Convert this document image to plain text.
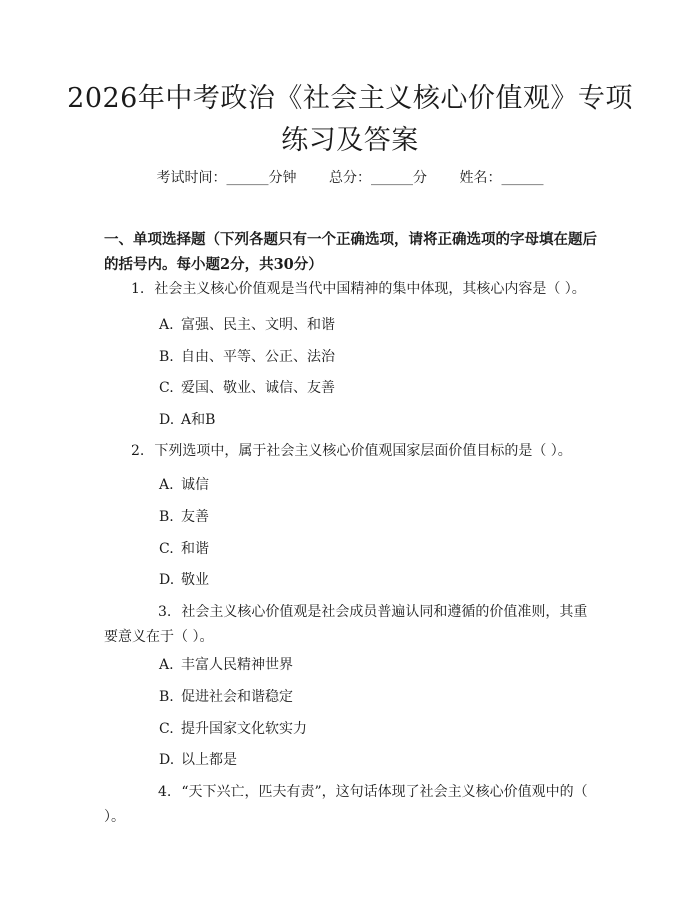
2026年中考政治《社会主义核心价值观》专项练习及答案
考试时间：______分钟 总分：______分 姓名：______
一、单项选择题（下列各题只有一个正确选项，请将正确选项的字母填在题后的括号内。每小题2分，共30分）
1. 社会主义核心价值观是当代中国精神的集中体现，其核心内容是（ ）。
A. 富强、民主、文明、和谐
B. 自由、平等、公正、法治
C. 爱国、敬业、诚信、友善
D. A和B
2. 下列选项中，属于社会主义核心价值观国家层面价值目标的是（ ）。
A. 诚信
B. 友善
C. 和谐
D. 敬业
3. 社会主义核心价值观是社会成员普遍认同和遵循的价值准则，其重要意义在于（ ）。
A. 丰富人民精神世界
B. 促进社会和谐稳定
C. 提升国家文化软实力
D. 以上都是
4. “天下兴亡，匹夫有责”，这句话体现了社会主义核心价值观中的（ ）。
